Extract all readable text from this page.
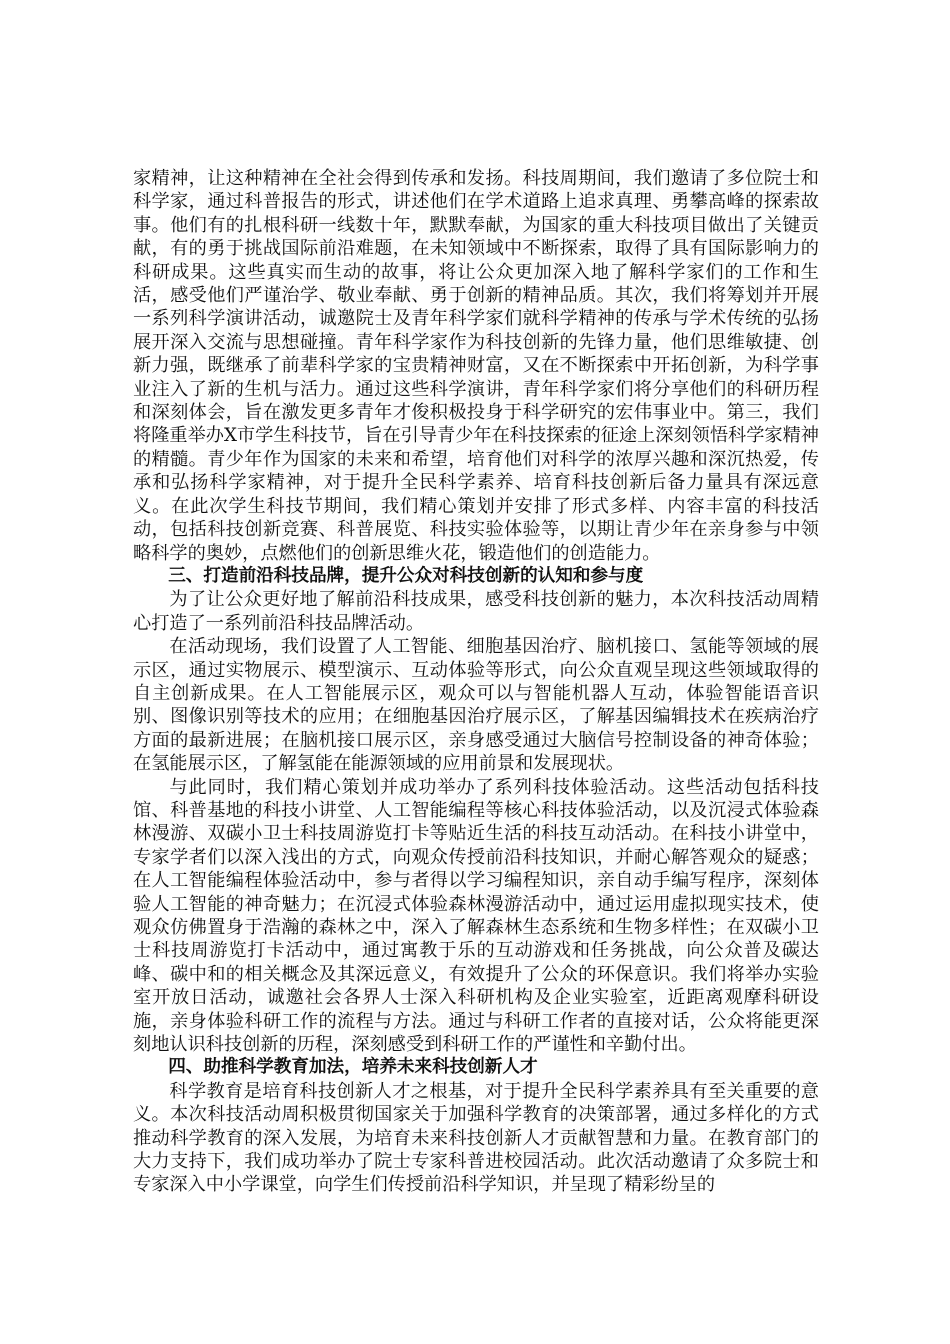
家精神，让这种精神在全社会得到传承和发扬。科技周期间，我们邀请了多位院士和科学家，通过科普报告的形式，讲述他们在学术道路上追求真理、勇攀高峰的探索故事。他们有的扎根科研一线数十年，默默奉献，为国家的重大科技项目做出了关键贡献，有的勇于挑战国际前沿难题，在未知领域中不断探索，取得了具有国际影响力的科研成果。这些真实而生动的故事，将让公众更加深入地了解科学家们的工作和生活，感受他们严谨治学、敬业奉献、勇于创新的精神品质。其次，我们将筹划并开展一系列科学演讲活动，诚邀院士及青年科学家们就科学精神的传承与学术传统的弘扬展开深入交流与思想碰撞。青年科学家作为科技创新的先锋力量，他们思维敏捷、创新力强，既继承了前辈科学家的宝贵精神财富，又在不断探索中开拓创新，为科学事业注入了新的生机与活力。通过这些科学演讲，青年科学家们将分享他们的科研历程和深刻体会，旨在激发更多青年才俊积极投身于科学研究的宏伟事业中。第三，我们将隆重举办X市学生科技节，旨在引导青少年在科技探索的征途上深刻领悟科学家精神的精髓。青少年作为国家的未来和希望，培育他们对科学的浓厚兴趣和深沉热爱，传承和弘扬科学家精神，对于提升全民科学素养、培育科技创新后备力量具有深远意义。在此次学生科技节期间，我们精心策划并安排了形式多样、内容丰富的科技活动，包括科技创新竞赛、科普展览、科技实验体验等，以期让青少年在亲身参与中领略科学的奥妙，点燃他们的创新思维火花，锻造他们的创造能力。

三、打造前沿科技品牌，提升公众对科技创新的认知和参与度

为了让公众更好地了解前沿科技成果，感受科技创新的魅力，本次科技活动周精心打造了一系列前沿科技品牌活动。

在活动现场，我们设置了人工智能、细胞基因治疗、脑机接口、氢能等领域的展示区，通过实物展示、模型演示、互动体验等形式，向公众直观呈现这些领域取得的自主创新成果。在人工智能展示区，观众可以与智能机器人互动，体验智能语音识别、图像识别等技术的应用；在细胞基因治疗展示区，了解基因编辑技术在疾病治疗方面的最新进展；在脑机接口展示区，亲身感受通过大脑信号控制设备的神奇体验；在氢能展示区，了解氢能在能源领域的应用前景和发展现状。

与此同时，我们精心策划并成功举办了系列科技体验活动。这些活动包括科技馆、科普基地的科技小讲堂、人工智能编程等核心科技体验活动，以及沉浸式体验森林漫游、双碳小卫士科技周游览打卡等贴近生活的科技互动活动。在科技小讲堂中，专家学者们以深入浅出的方式，向观众传授前沿科技知识，并耐心解答观众的疑惑；在人工智能编程体验活动中，参与者得以学习编程知识，亲自动手编写程序，深刻体验人工智能的神奇魅力；在沉浸式体验森林漫游活动中，通过运用虚拟现实技术，使观众仿佛置身于浩瀚的森林之中，深入了解森林生态系统和生物多样性；在双碳小卫士科技周游览打卡活动中，通过寓教于乐的互动游戏和任务挑战，向公众普及碳达峰、碳中和的相关概念及其深远意义，有效提升了公众的环保意识。我们将举办实验室开放日活动，诚邀社会各界人士深入科研机构及企业实验室，近距离观摩科研设施，亲身体验科研工作的流程与方法。通过与科研工作者的直接对话，公众将能更深刻地认识科技创新的历程，深刻感受到科研工作的严谨性和辛勤付出。

四、助推科学教育加法，培养未来科技创新人才

科学教育是培育科技创新人才之根基，对于提升全民科学素养具有至关重要的意义。本次科技活动周积极贯彻国家关于加强科学教育的决策部署，通过多样化的方式推动科学教育的深入发展，为培育未来科技创新人才贡献智慧和力量。在教育部门的大力支持下，我们成功举办了院士专家科普进校园活动。此次活动邀请了众多院士和专家深入中小学课堂，向学生们传授前沿科学知识，并呈现了精彩纷呈的
